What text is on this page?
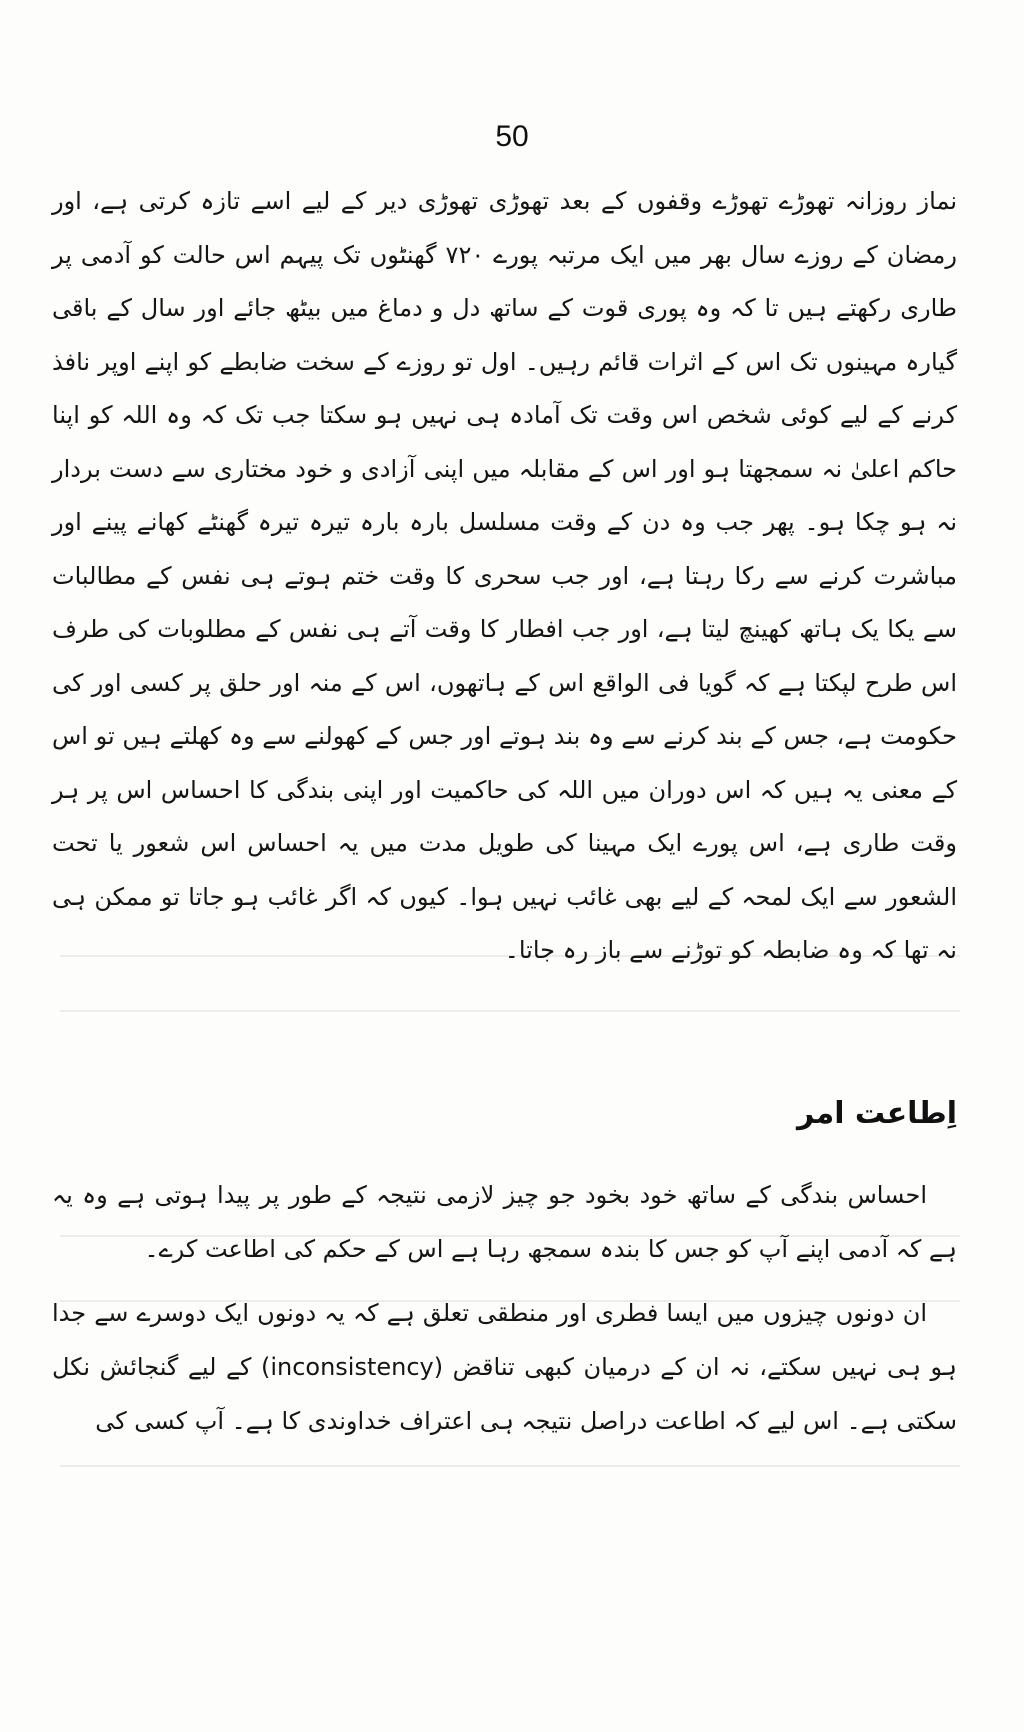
50

نماز روزانہ تھوڑے تھوڑے وقفوں کے بعد تھوڑی تھوڑی دیر کے لیے اسے تازہ کرتی ہے، اور رمضان کے روزے سال بھر میں ایک مرتبہ پورے ۷۲۰ گھنٹوں تک پیہم اس حالت کو آدمی پر طاری رکھتے ہیں تا کہ وہ پوری قوت کے ساتھ دل و دماغ میں بیٹھ جائے اور سال کے باقی گیارہ مہینوں تک اس کے اثرات قائم رہیں۔ اول تو روزے کے سخت ضابطے کو اپنے اوپر نافذ کرنے کے لیے کوئی شخص اس وقت تک آمادہ ہی نہیں ہو سکتا جب تک کہ وہ اللہ کو اپنا حاکم اعلیٰ نہ سمجھتا ہو اور اس کے مقابلہ میں اپنی آزادی و خود مختاری سے دست بردار نہ ہو چکا ہو۔ پھر جب وہ دن کے وقت مسلسل بارہ بارہ تیرہ تیرہ گھنٹے کھانے پینے اور مباشرت کرنے سے رکا رہتا ہے، اور جب سحری کا وقت ختم ہوتے ہی نفس کے مطالبات سے یکا یک ہاتھ کھینچ لیتا ہے، اور جب افطار کا وقت آتے ہی نفس کے مطلوبات کی طرف اس طرح لپکتا ہے کہ گویا فی الواقع اس کے ہاتھوں، اس کے منہ اور حلق پر کسی اور کی حکومت ہے، جس کے بند کرنے سے وہ بند ہوتے اور جس کے کھولنے سے وہ کھلتے ہیں تو اس کے معنی یہ ہیں کہ اس دوران میں اللہ کی حاکمیت اور اپنی بندگی کا احساس اس پر ہر وقت طاری ہے، اس پورے ایک مہینا کی طویل مدت میں یہ احساس اس شعور یا تحت الشعور سے ایک لمحہ کے لیے بھی غائب نہیں ہوا۔ کیوں کہ اگر غائب ہو جاتا تو ممکن ہی نہ تھا کہ وہ ضابطہ کو توڑنے سے باز رہ جاتا۔

اِطاعت امر

احساس بندگی کے ساتھ خود بخود جو چیز لازمی نتیجہ کے طور پر پیدا ہوتی ہے وہ یہ ہے کہ آدمی اپنے آپ کو جس کا بندہ سمجھ رہا ہے اس کے حکم کی اطاعت کرے۔

ان دونوں چیزوں میں ایسا فطری اور منطقی تعلق ہے کہ یہ دونوں ایک دوسرے سے جدا ہو ہی نہیں سکتے، نہ ان کے درمیان کبھی تناقض (inconsistency) کے لیے گنجائش نکل سکتی ہے۔ اس لیے کہ اطاعت دراصل نتیجہ ہی اعتراف خداوندی کا ہے۔ آپ کسی کی
